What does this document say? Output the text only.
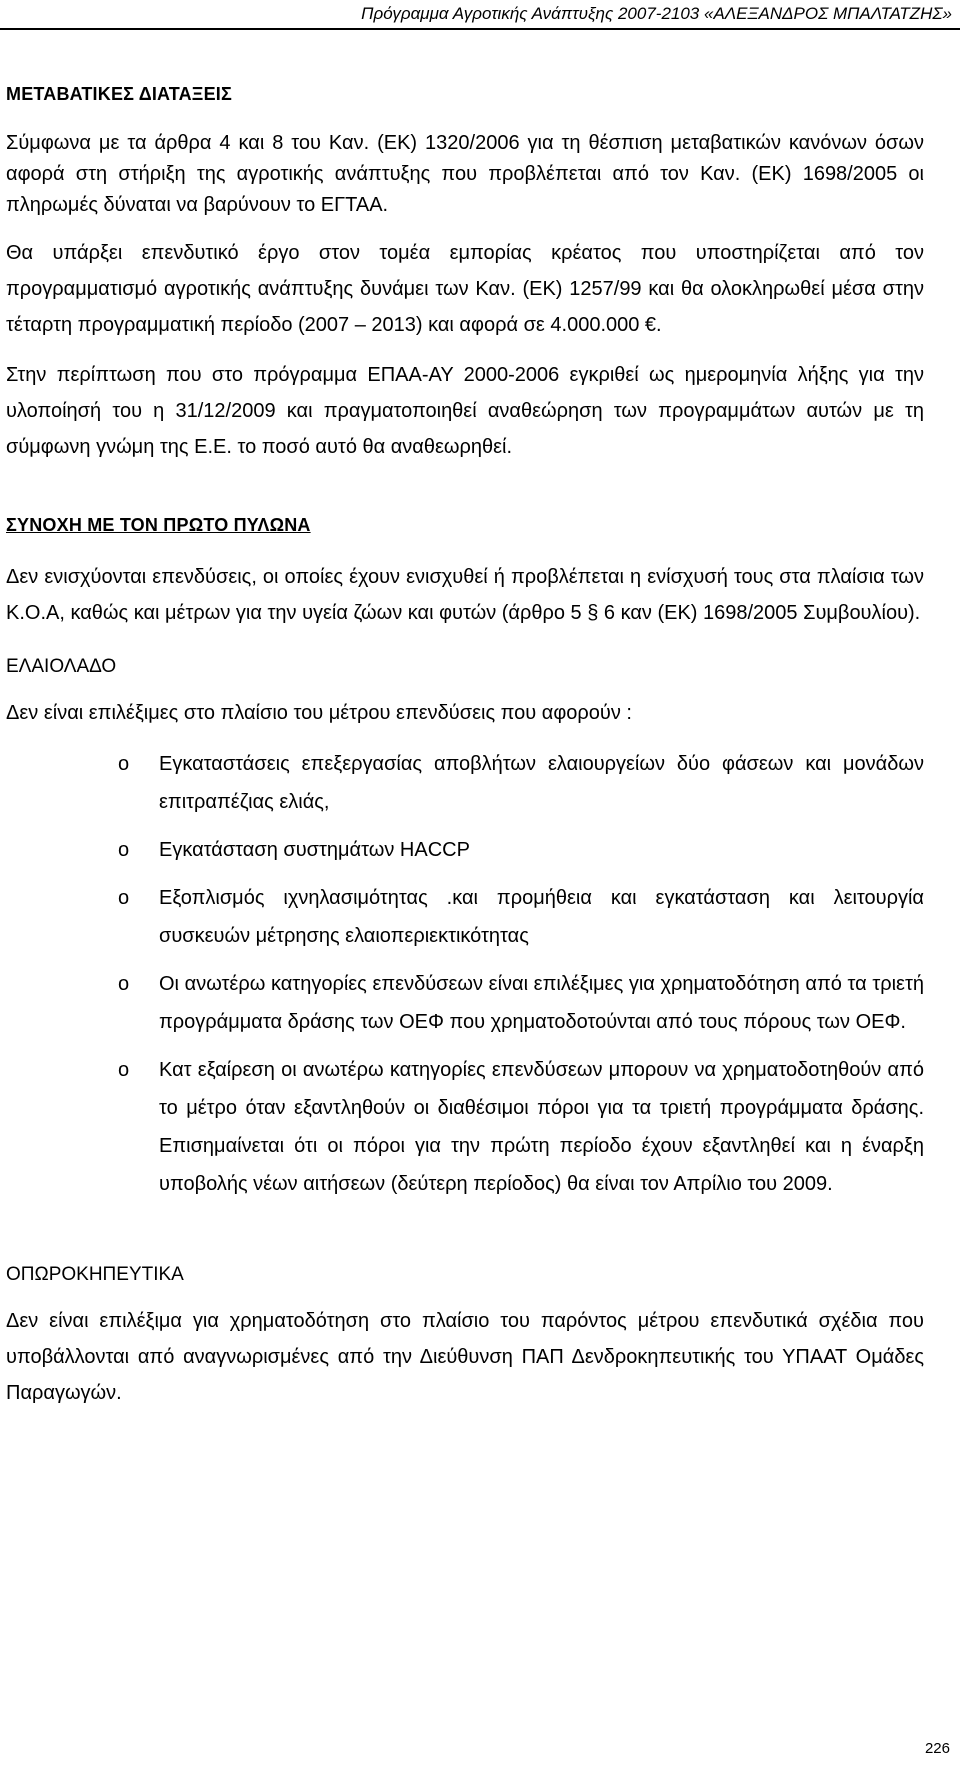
Πρόγραμμα Αγροτικής Ανάπτυξης 2007-2103 «ΑΛΕΞΑΝΔΡΟΣ ΜΠΑΛΤΑΤΖΗΣ»
ΜΕΤΑΒΑΤΙΚΕΣ ΔΙΑΤΑΞΕΙΣ

Σύμφωνα με τα άρθρα 4 και 8 του Καν. (ΕΚ) 1320/2006 για τη θέσπιση μεταβατικών κανόνων όσων αφορά στη στήριξη της αγροτικής ανάπτυξης που προβλέπεται από τον Καν. (ΕΚ) 1698/2005 οι πληρωμές δύναται να βαρύνουν το ΕΓΤΑΑ.

Θα υπάρξει επενδυτικό έργο στον τομέα εμπορίας κρέατος που υποστηρίζεται από τον προγραμματισμό αγροτικής ανάπτυξης δυνάμει των Καν. (ΕΚ) 1257/99 και θα ολοκληρωθεί μέσα στην τέταρτη προγραμματική περίοδο (2007 – 2013) και αφορά σε 4.000.000 €.

Στην περίπτωση που στο πρόγραμμα ΕΠΑΑ-ΑΥ 2000-2006 εγκριθεί ως ημερομηνία λήξης για την υλοποίησή του η 31/12/2009 και πραγματοποιηθεί αναθεώρηση των προγραμμάτων αυτών με τη σύμφωνη γνώμη της Ε.Ε. το ποσό αυτό θα αναθεωρηθεί.

ΣΥΝΟΧΗ ΜΕ ΤΟΝ ΠΡΩΤΟ ΠΥΛΩΝΑ

Δεν ενισχύονται επενδύσεις, οι οποίες έχουν ενισχυθεί ή προβλέπεται η ενίσχυσή τους στα πλαίσια των Κ.Ο.Α, καθώς και μέτρων για την υγεία ζώων και φυτών (άρθρο 5 § 6 καν (ΕΚ) 1698/2005 Συμβουλίου).

ΕΛΑΙΟΛΑΔΟ

Δεν είναι επιλέξιμες στο πλαίσιο του μέτρου επενδύσεις που αφορούν :

o Εγκαταστάσεις επεξεργασίας αποβλήτων ελαιουργείων δύο φάσεων και μονάδων επιτραπέζιας ελιάς,
o Εγκατάσταση συστημάτων HACCP
o Εξοπλισμός ιχνηλασιμότητας .και προμήθεια και εγκατάσταση και λειτουργία συσκευών μέτρησης ελαιοπεριεκτικότητας
o Οι ανωτέρω κατηγορίες επενδύσεων είναι επιλέξιμες για χρηματοδότηση από τα τριετή προγράμματα δράσης των ΟΕΦ που χρηματοδοτούνται από τους πόρους των ΟΕΦ.
o Κατ εξαίρεση οι ανωτέρω κατηγορίες επενδύσεων μπορουν να χρηματοδοτηθούν από το μέτρο όταν εξαντληθούν οι διαθέσιμοι πόροι για τα τριετή προγράμματα δράσης. Επισημαίνεται ότι οι πόροι για την πρώτη περίοδο έχουν εξαντληθεί και η έναρξη υποβολής νέων αιτήσεων (δεύτερη περίοδος) θα είναι τον Απρίλιο του 2009.
ΟΠΩΡΟΚΗΠΕΥΤΙΚΑ

Δεν είναι επιλέξιμα για χρηματοδότηση στο πλαίσιο του παρόντος μέτρου επενδυτικά σχέδια που υποβάλλονται από αναγνωρισμένες από την Διεύθυνση ΠΑΠ Δενδροκηπευτικής του ΥΠΑΑΤ Ομάδες Παραγωγών.

226
